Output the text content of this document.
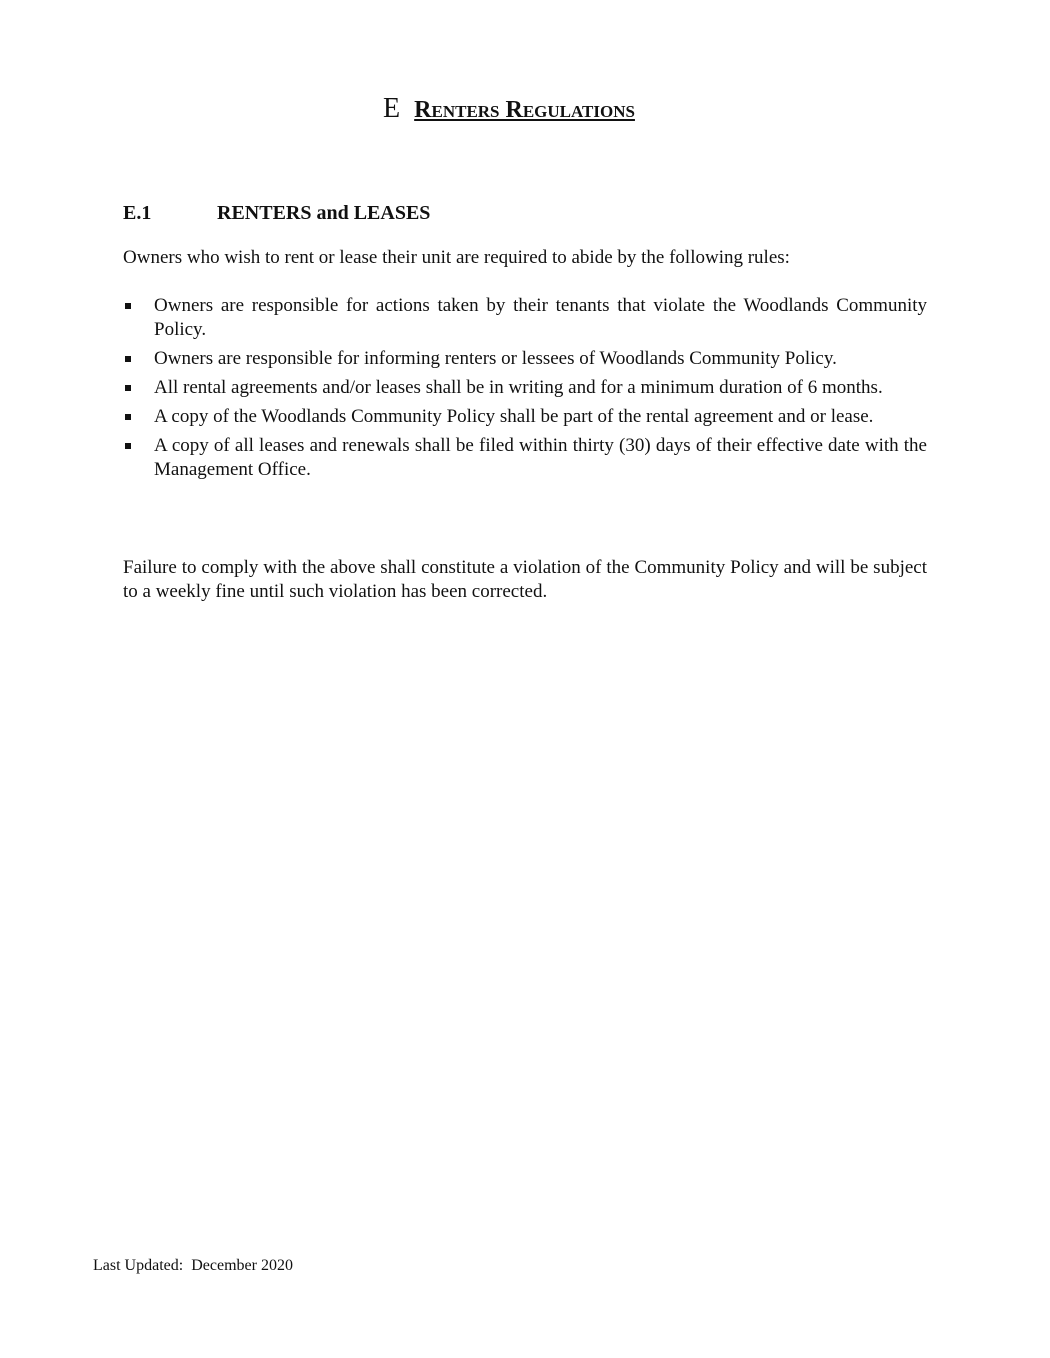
E Renters Regulations
E.1	RENTERS and LEASES

Owners who wish to rent or lease their unit are required to abide by the following rules:

Owners are responsible for actions taken by their tenants that violate the Woodlands Community Policy.
Owners are responsible for informing renters or lessees of Woodlands Community Policy.
All rental agreements and/or leases shall be in writing and for a minimum duration of 6 months.
A copy of the Woodlands Community Policy shall be part of the rental agreement and or lease.
A copy of all leases and renewals shall be filed within thirty (30) days of their effective date with the Management Office.

Failure to comply with the above shall constitute a violation of the Community Policy and will be subject to a weekly fine until such violation has been corrected.

Last Updated: December 2020
